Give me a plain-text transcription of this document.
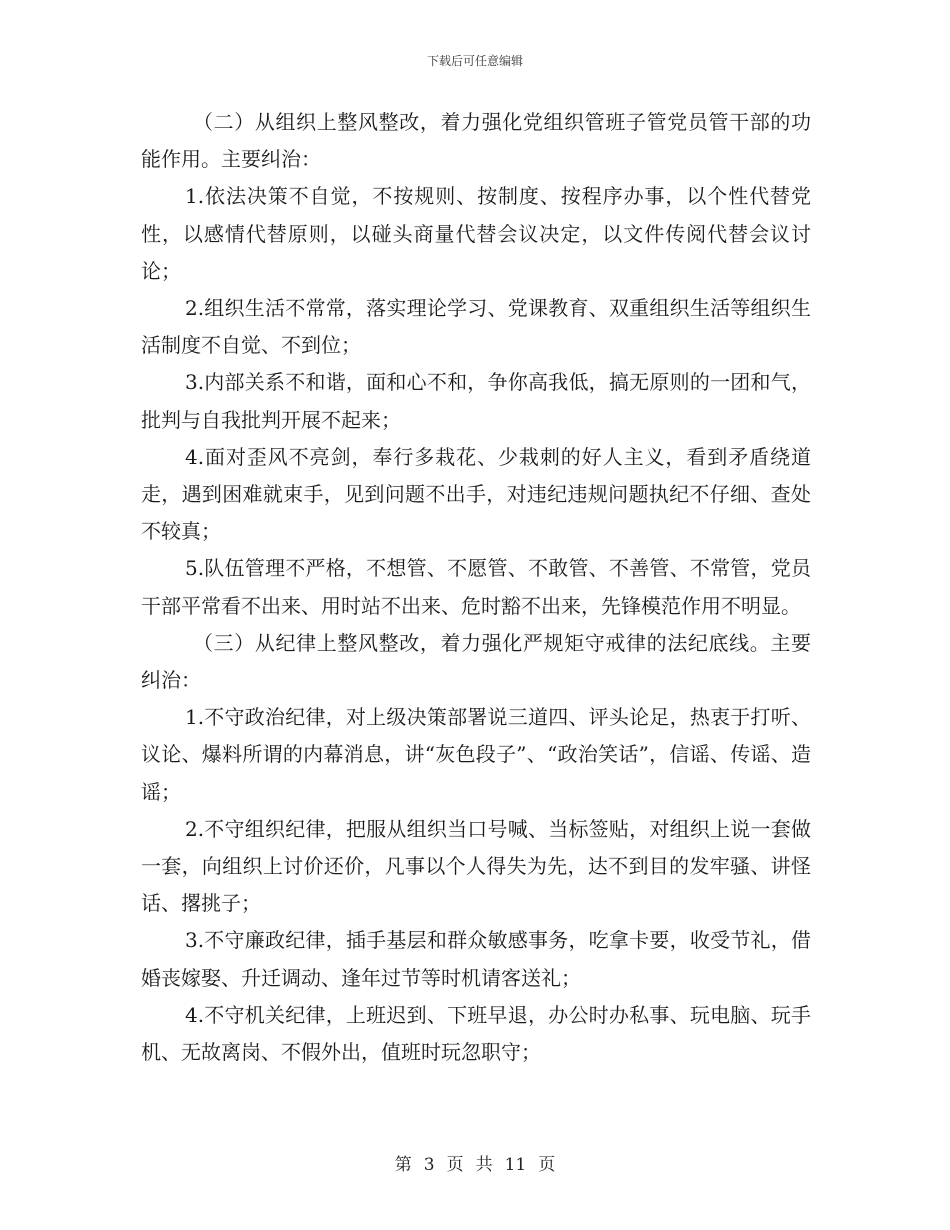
下载后可任意编辑

（二）从组织上整风整改，着力强化党组织管班子管党员管干部的功能作用。主要纠治：

1.依法决策不自觉，不按规则、按制度、按程序办事，以个性代替党性，以感情代替原则，以碰头商量代替会议决定，以文件传阅代替会议讨论；

2.组织生活不常常，落实理论学习、党课教育、双重组织生活等组织生活制度不自觉、不到位；

3.内部关系不和谐，面和心不和，争你高我低，搞无原则的一团和气，批判与自我批判开展不起来；

4.面对歪风不亮剑，奉行多栽花、少栽刺的好人主义，看到矛盾绕道走，遇到困难就束手，见到问题不出手，对违纪违规问题执纪不仔细、查处不较真；

5.队伍管理不严格，不想管、不愿管、不敢管、不善管、不常管，党员干部平常看不出来、用时站不出来、危时豁不出来，先锋模范作用不明显。

（三）从纪律上整风整改，着力强化严规矩守戒律的法纪底线。主要纠治：

1.不守政治纪律，对上级决策部署说三道四、评头论足，热衷于打听、议论、爆料所谓的内幕消息，讲“灰色段子”、“政治笑话”，信谣、传谣、造谣；

2.不守组织纪律，把服从组织当口号喊、当标签贴，对组织上说一套做一套，向组织上讨价还价，凡事以个人得失为先，达不到目的发牢骚、讲怪话、撂挑子；

3.不守廉政纪律，插手基层和群众敏感事务，吃拿卡要，收受节礼，借婚丧嫁娶、升迁调动、逢年过节等时机请客送礼；

4.不守机关纪律，上班迟到、下班早退，办公时办私事、玩电脑、玩手机、无故离岗、不假外出，值班时玩忽职守；

第 3 页 共 11 页
